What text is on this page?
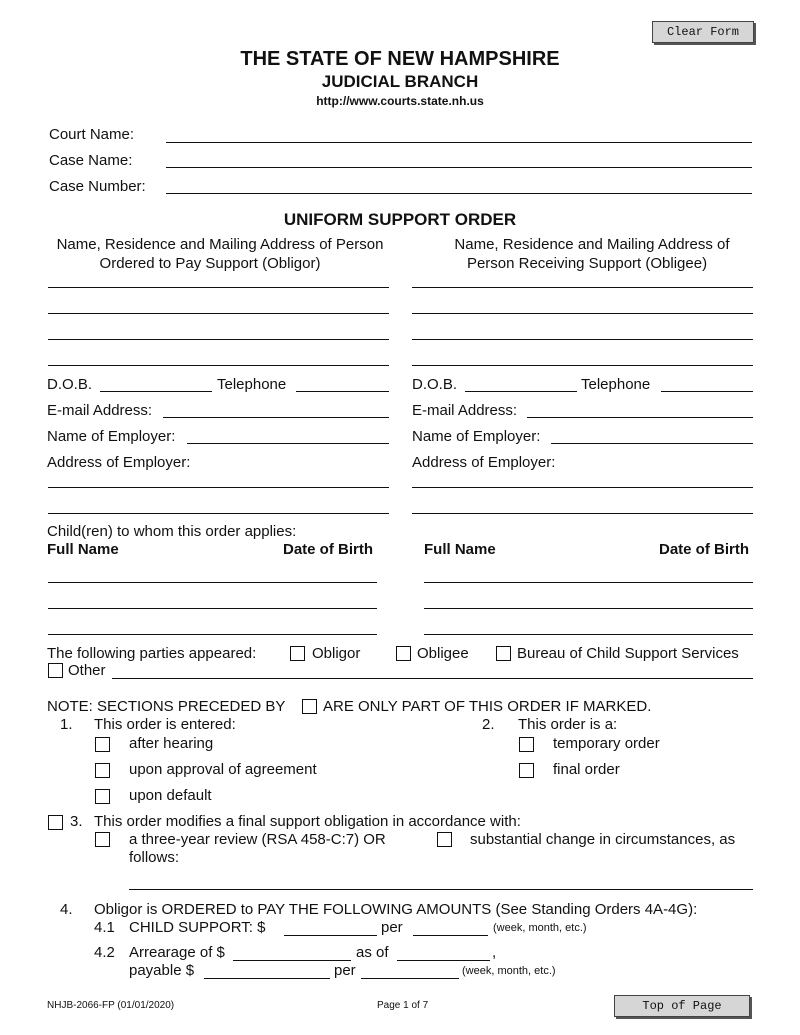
Clear Form
THE STATE OF NEW HAMPSHIRE
JUDICIAL BRANCH
http://www.courts.state.nh.us
Court Name:
Case Name:
Case Number:
UNIFORM SUPPORT ORDER
Name, Residence and Mailing Address of Person
Ordered to Pay Support (Obligor)
Name, Residence and Mailing Address of
Person Receiving Support (Obligee)
D.O.B.	Telephone
E-mail Address:
Name of Employer:
Address of Employer:
D.O.B.	Telephone
E-mail Address:
Name of Employer:
Address of Employer:
Child(ren) to whom this order applies:
Full Name	Date of Birth	Full Name	Date of Birth
The following parties appeared:	Obligor	Obligee	Bureau of Child Support Services
Other
NOTE: SECTIONS PRECEDED BY	ARE ONLY PART OF THIS ORDER IF MARKED.
1. This order is entered:
after hearing
upon approval of agreement
upon default
2. This order is a:
temporary order
final order
3. This order modifies a final support obligation in accordance with:
a three-year review (RSA 458-C:7) OR	substantial change in circumstances, as
follows:
4. Obligor is ORDERED to PAY THE FOLLOWING AMOUNTS (See Standing Orders 4A-4G):
4.1 CHILD SUPPORT: $	per	(week, month, etc.)
4.2 Arrearage of $	as of	,
payable $	per	(week, month, etc.)
NHJB-2066-FP (01/01/2020)	Page 1 of 7	Top of Page
